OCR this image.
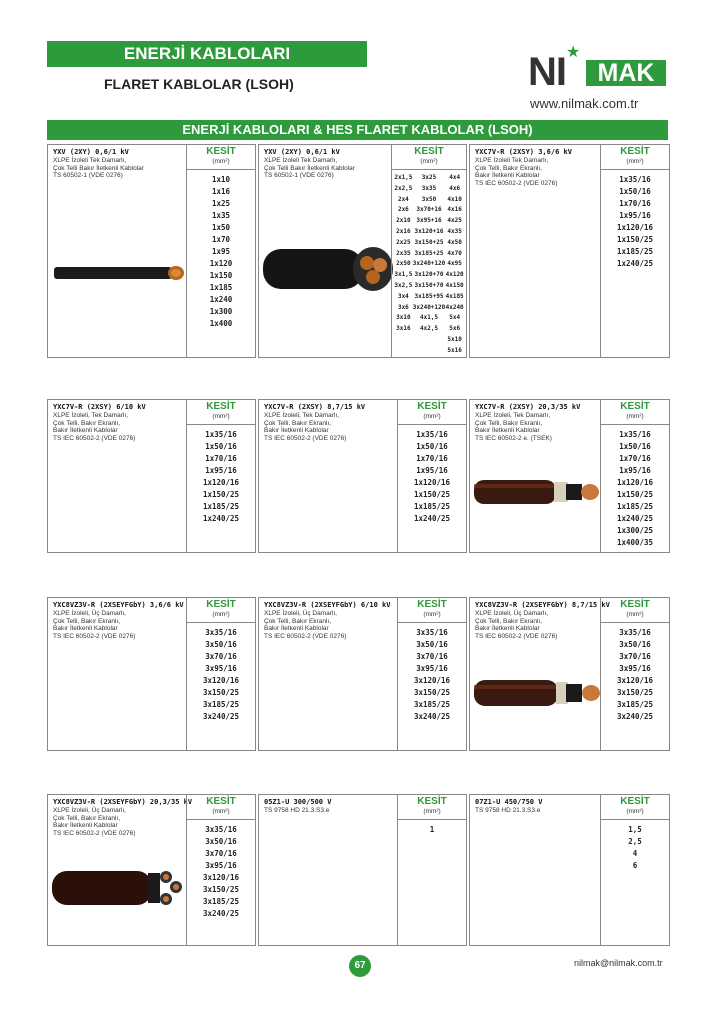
ENERJİ KABLOLARI
FLARET KABLOLAR (LSOH)	NI ★
MAK
www.nilmak.com.tr
ENERJİ KABLOLARI & HES FLARET KABLOLAR (LSOH)
YXV (2XY) 0,6/1 kV
XLPE İzoleli Tek Damarlı,
Çok Telli Bakır İletkenli Kablolar
TS 60502-1 (VDE 0276)
KESİT
(mm²)
1x10
1x16
1x25
1x35
1x50
1x70
1x95
1x120
1x150
1x185
1x240
1x300
1x400
YXV (2XY) 0,6/1 kV
XLPE İzoleli Tek Damarlı,
Çok Telli Bakır İletkenli Kablolar
TS 60502-1 (VDE 0276)
KESİT
(mm²)
2x1,5
2x2,5
2x4
2x6
2x10
2x16
2x25
2x35
2x50
3x1,5
3x2,5
3x4
3x6
3x10
3x16
3x25
3x35
3x50
3x70+16
3x95+16
3x120+16
3x150+25
3x185+25
3x240+120
3x120+70
3x150+70
3x185+95
3x240+120
4x1,5
4x2,5
4x4
4x6
4x10
4x16
4x25
4x35
4x50
4x70
4x95
4x120
4x150
4x185
4x240
5x4
5x6
5x10
5x16
YXC7V-R (2XSY) 3,6/6 kV
XLPE İzoleli Tek Damarlı,
Çok Telli, Bakır Ekranlı,
Bakır İletkenli Kablolar
TS IEC 60502-2 (VDE 0276)
KESİT
(mm²)
1x35/16
1x50/16
1x70/16
1x95/16
1x120/16
1x150/25
1x185/25
1x240/25
YXC7V-R (2XSY) 6/10 kV
XLPE İzoleli, Tek Damarlı,
Çok Telli, Bakır Ekranlı,
Bakır İletkenli Kablolar
TS IEC 60502-2 (VDE 0276)
KESİT
(mm²)
1x35/16
1x50/16
1x70/16
1x95/16
1x120/16
1x150/25
1x185/25
1x240/25
YXC7V-R (2XSY) 8,7/15 kV
XLPE İzoleli, Tek Damarlı,
Çok Telli, Bakır Ekranlı,
Bakır İletkenli Kablolar
TS IEC 60502-2 (VDE 0276)
KESİT
(mm²)
1x35/16
1x50/16
1x70/16
1x95/16
1x120/16
1x150/25
1x185/25
1x240/25
YXC7V-R (2XSY) 20,3/35 kV
XLPE İzoleli, Tek Damarlı,
Çok Telli, Bakır Ekranlı,
Bakır İletkenli Kablolar
TS IEC 60502-2 e. (TSEK)
KESİT
(mm²)
1x35/16
1x50/16
1x70/16
1x95/16
1x120/16
1x150/25
1x185/25
1x240/25
1x300/25
1x400/35
YXC8VZ3V-R (2XSEYFGbY) 3,6/6 kV
XLPE İzoleli, Üç Damarlı,
Çok Telli, Bakır Ekranlı,
Bakır İletkenli Kablolar
TS IEC 60502-2 (VDE 0276)
KESİT
(mm²)
3x35/16
3x50/16
3x70/16
3x95/16
3x120/16
3x150/25
3x185/25
3x240/25
YXC8VZ3V-R (2XSEYFGbY) 6/10 kV
XLPE İzoleli, Üç Damarlı,
Çok Telli, Bakır Ekranlı,
Bakır İletkenli Kablolar
TS IEC 60502-2 (VDE 0276)
KESİT
(mm²)
3x35/16
3x50/16
3x70/16
3x95/16
3x120/16
3x150/25
3x185/25
3x240/25
YXC8VZ3V-R (2XSEYFGbY) 8,7/15 kV
XLPE İzoleli, Üç Damarlı,
Çok Telli, Bakır Ekranlı,
Bakır İletkenli Kablolar
TS IEC 60502-2 (VDE 0276)
KESİT
(mm²)
3x35/16
3x50/16
3x70/16
3x95/16
3x120/16
3x150/25
3x185/25
3x240/25
YXC8VZ3V-R (2XSEYFGbY) 20,3/35 kV
XLPE İzoleli, Üç Damarlı,
Çok Telli, Bakır Ekranlı,
Bakır İletkenli Kablolar
TS IEC 60502-2 (VDE 0276)
KESİT
(mm²)
3x35/16
3x50/16
3x70/16
3x95/16
3x120/16
3x150/25
3x185/25
3x240/25
05Z1-U 300/500 V
TS 9758 HD 21.3.S3.e
KESİT
(mm²)
1
07Z1-U 450/750 V
TS 9758 HD 21.3.S3.e
KESİT
(mm²)
1,5
2,5
4
6
67	nilmak@nilmak.com.tr
